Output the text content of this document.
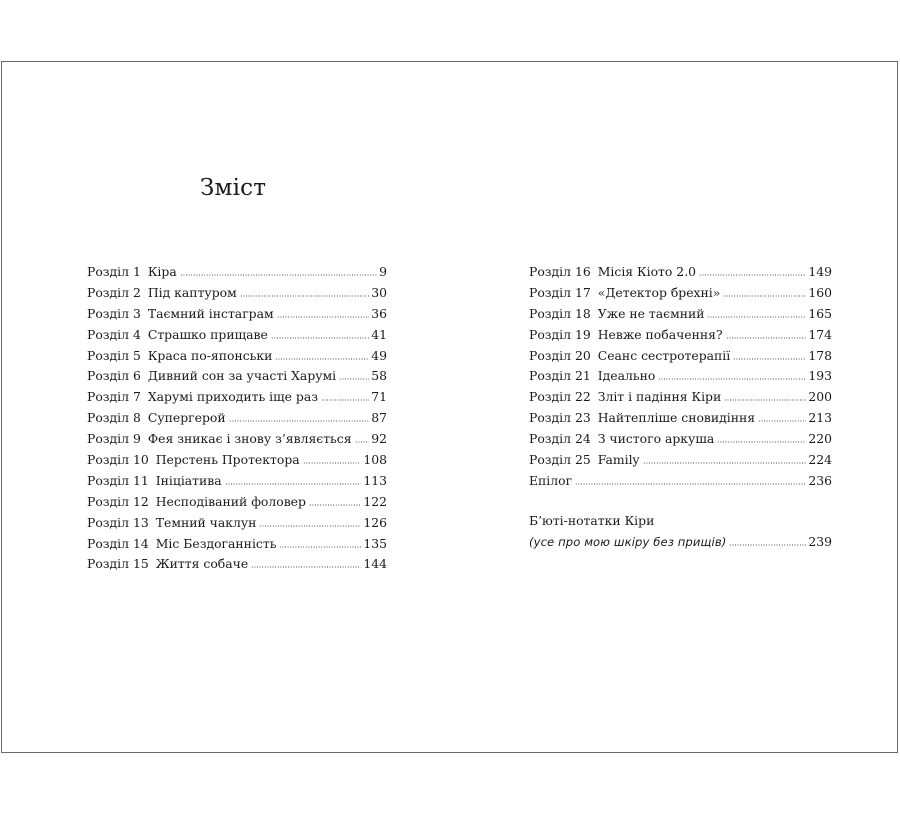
Зміст
Розділ 1 Кіра	9
Розділ 2 Під каптуром	30
Розділ 3 Таємний інстаграм	36
Розділ 4 Страшко прищаве	41
Розділ 5 Краса по-японськи	49
Розділ 6 Дивний сон за участі Харумі	58
Розділ 7 Харумі приходить іще раз	71
Розділ 8 Супергерой	87
Розділ 9 Фея зникає і знову з’являється 92
Розділ 10 Перстень Протектора	108
Розділ 11 Ініціатива	113
Розділ 12 Несподіваний фоловер	122
Розділ 13 Темний чаклун	126
Розділ 14 Міс Бездоганність	135
Розділ 15 Життя собаче	144
Розділ 16 Місія Кіото 2.0	149
Розділ 17 «Детектор брехні»	160
Розділ 18 Уже не таємний	165
Розділ 19 Невже побачення?	174
Розділ 20 Сеанс сестротерапії	178
Розділ 21 Ідеально	193
Розділ 22 Зліт і падіння Кіри	200
Розділ 23 Найтепліше сновидіння	213
Розділ 24 З чистого аркуша	220
Розділ 25 Family	224
Епілог	236
Б’юті-нотатки Кіри
(усе про мою шкіру без прищів)	239
